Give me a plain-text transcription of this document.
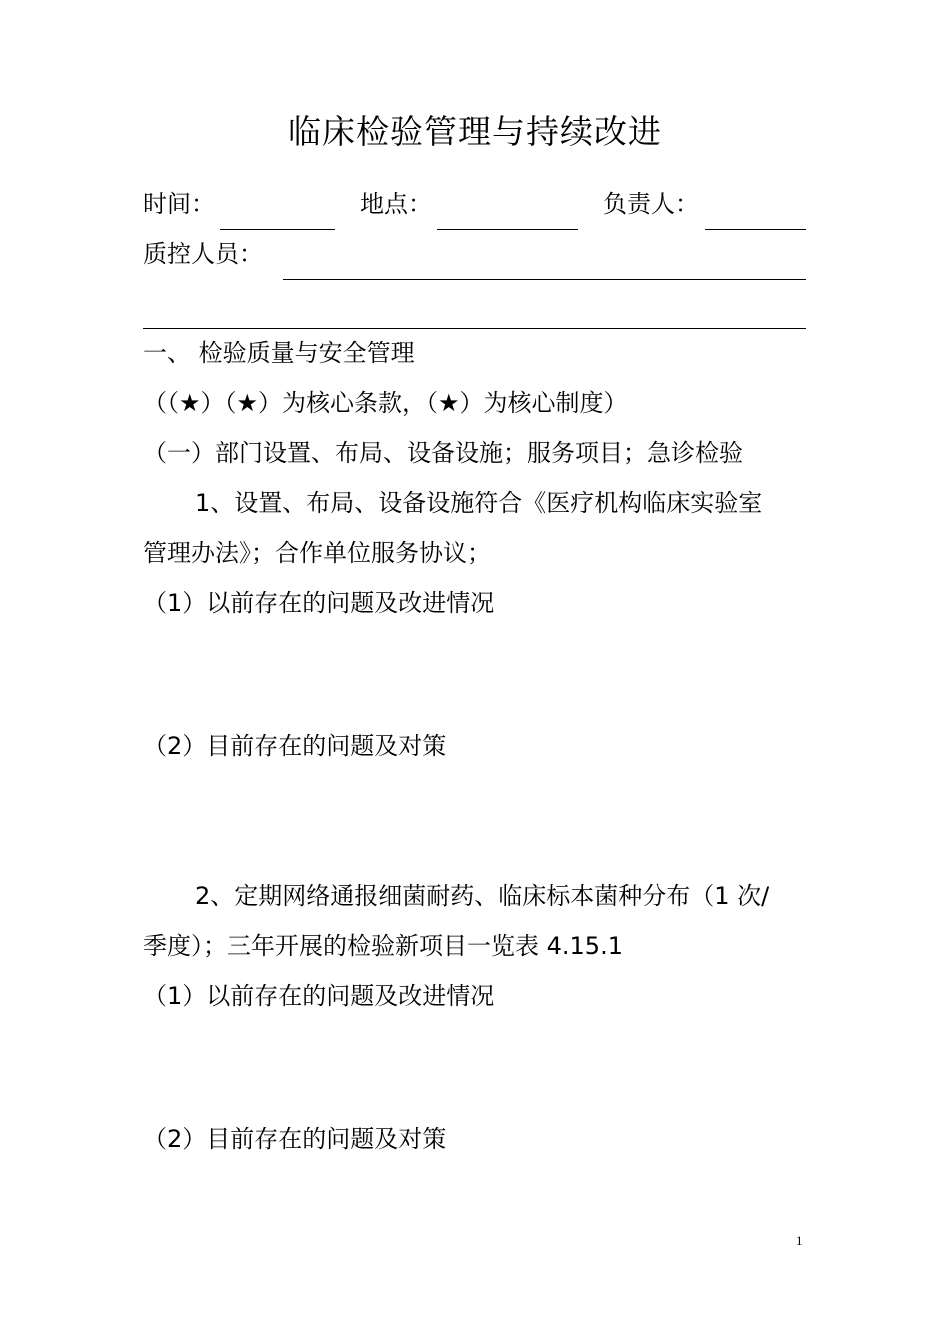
临床检验管理与持续改进
时间：	地点：	负责人：
质控人员：
一、 检验质量与安全管理
（（★）（★）为核心条款，（★）为核心制度）
（一）部门设置、布局、设备设施；服务项目；急诊检验
1、设置、布局、设备设施符合《医疗机构临床实验室
管理办法》；合作单位服务协议；
（1）以前存在的问题及改进情况
（2）目前存在的问题及对策
2、定期网络通报细菌耐药、临床标本菌种分布（1 次/
季度）；三年开展的检验新项目一览表 4.15.1
（1）以前存在的问题及改进情况
（2）目前存在的问题及对策
1
